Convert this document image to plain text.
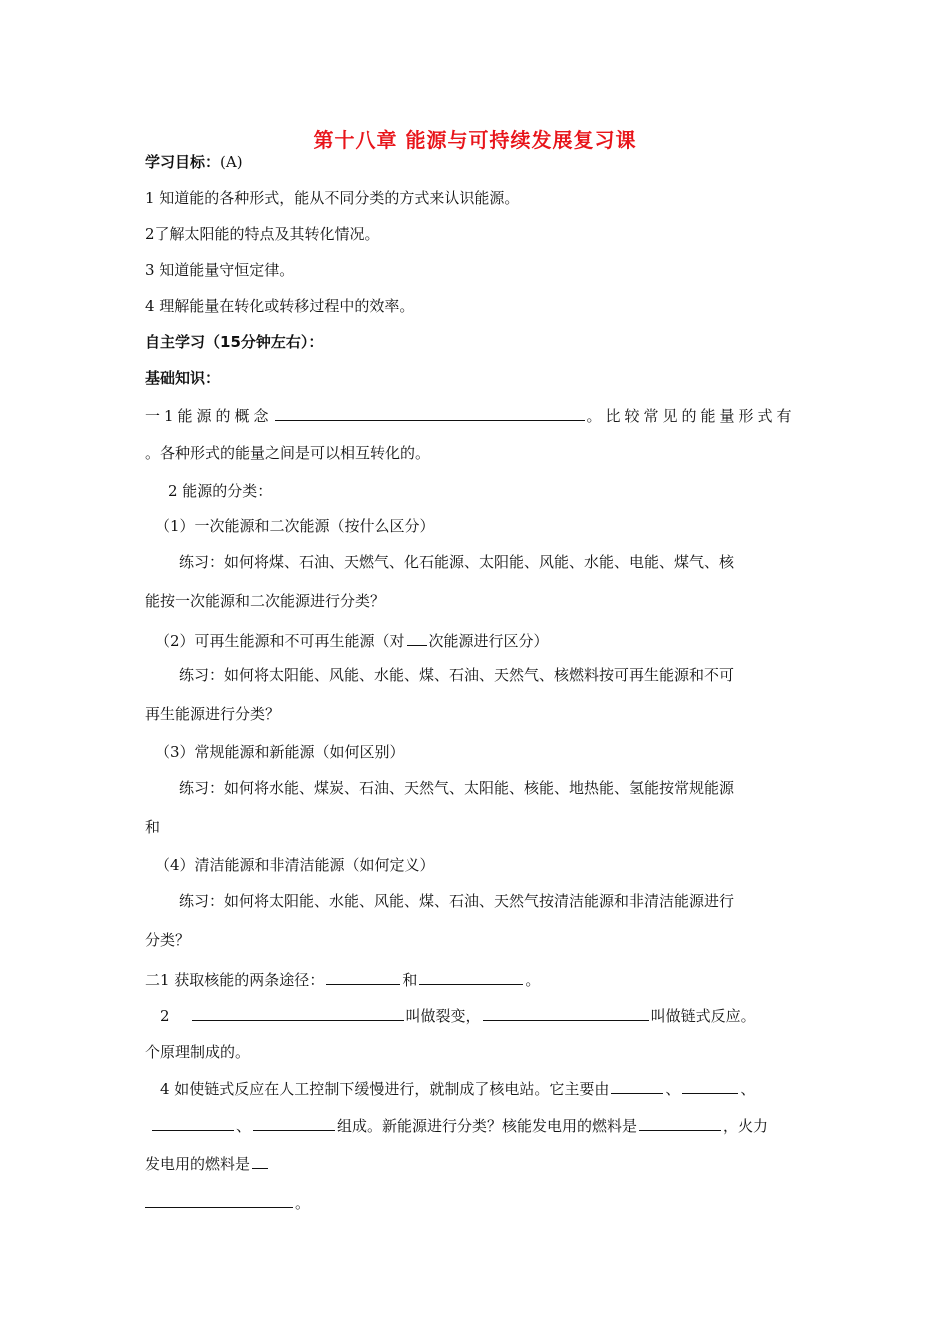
第十八章 能源与可持续发展复习课
学习目标：(A)
1 知道能的各种形式，能从不同分类的方式来认识能源。
2了解太阳能的特点及其转化情况。
3 知道能量守恒定律。
4 理解能量在转化或转移过程中的效率。
自主学习（15分钟左右）：
基础知识：
一1能源的概念	。比较常见的能量形式有
。各种形式的能量之间是可以相互转化的。
2 能源的分类：
（1）一次能源和二次能源（按什么区分）
练习：如何将煤、石油、天燃气、化石能源、太阳能、风能、水能、电能、煤气、核
能按一次能源和二次能源进行分类？
（2）可再生能源和不可再生能源（对 次能源进行区分）
练习：如何将太阳能、风能、水能、煤、石油、天然气、核燃料按可再生能源和不可
再生能源进行分类？
（3）常规能源和新能源（如何区别）
练习：如何将水能、煤炭、石油、天然气、太阳能、核能、地热能、氢能按常规能源
和
（4）清洁能源和非清洁能源（如何定义）
练习：如何将太阳能、水能、风能、煤、石油、天然气按清洁能源和非清洁能源进行
分类？
二1 获取核能的两条途径：	和	。
2	叫做裂变，	叫做链式反应。
个原理制成的。
4 如使链式反应在人工控制下缓慢进行，就制成了核电站。它主要由	、	、
、	组成。新能源进行分类？核能发电用的燃料是	，火力
发电用的燃料是
。
